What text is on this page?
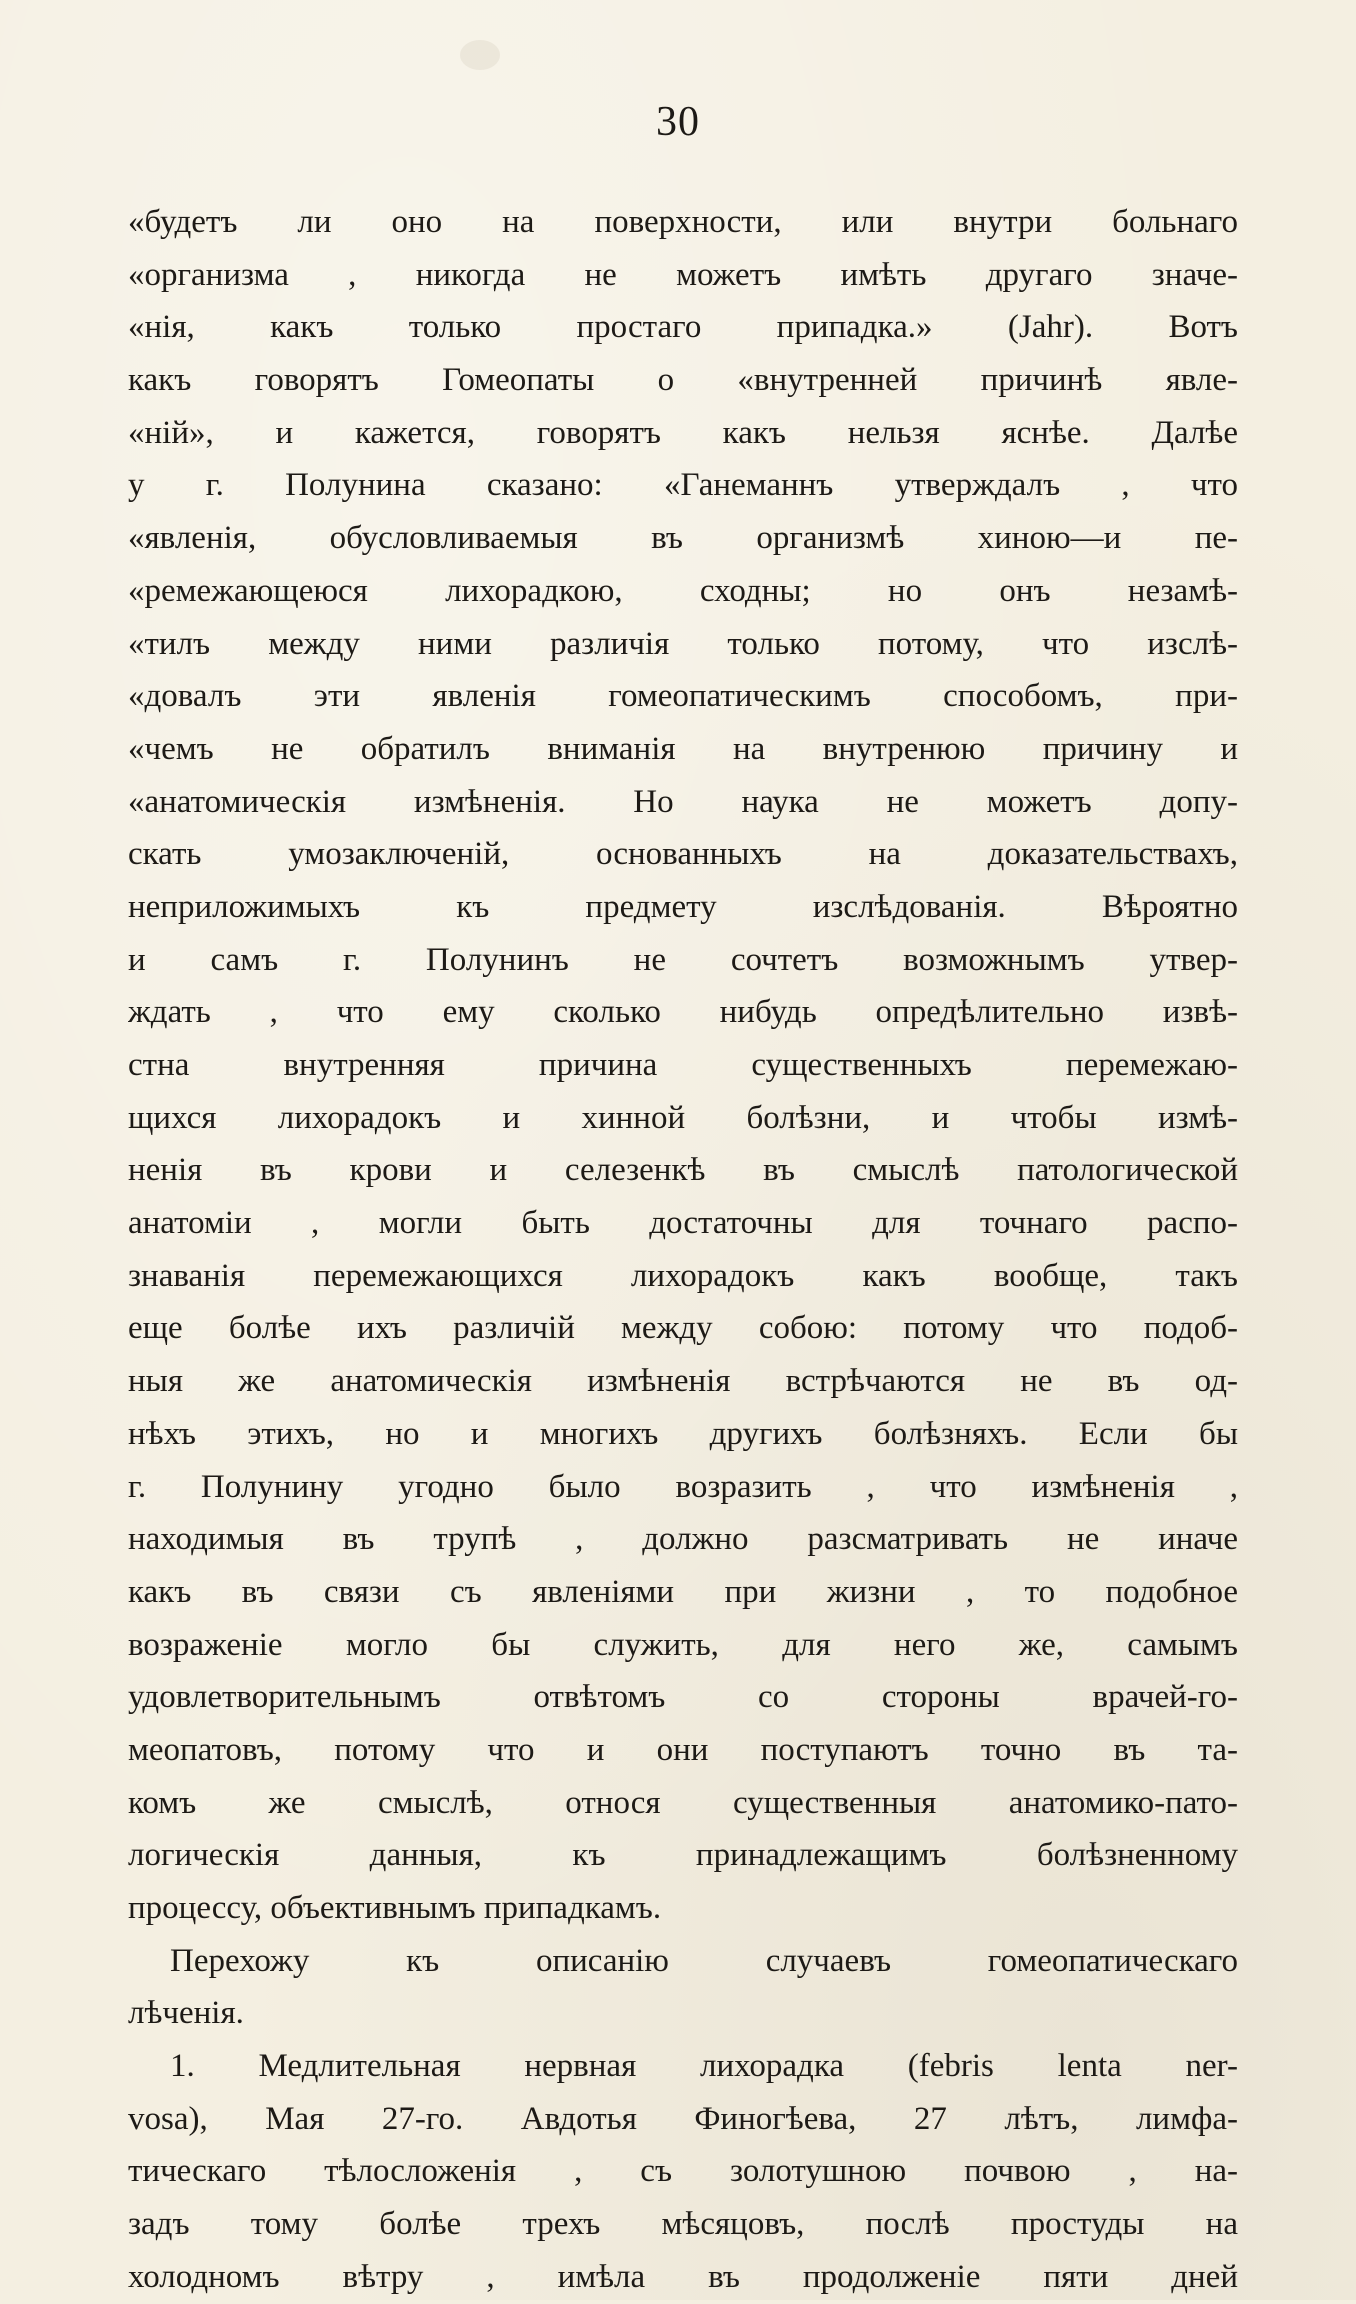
30
«будетъ ли оно на поверхности, или внутри больнаго
«организма , никогда не можетъ имѣть другаго значе-
«нія, какъ только простаго припадка.» (Jahr). Вотъ
какъ говорятъ Гомеопаты о «внутренней причинѣ явле-
«ній», и кажется, говорятъ какъ нельзя яснѣе. Далѣе
у г. Полунина сказано: «Ганеманнъ утверждалъ , что
«явленія, обусловливаемыя въ организмѣ хиною—и пе-
«ремежающеюся лихорадкою, сходны; но онъ незамѣ-
«тилъ между ними различія только потому, что изслѣ-
«довалъ эти явленія гомеопатическимъ способомъ, при-
«чемъ не обратилъ вниманія на внутренюю причину и
«анатомическія измѣненія. Но наука не можетъ допу-
скать умозаключеній, основанныхъ на доказательствахъ,
неприложимыхъ къ предмету изслѣдованія. Вѣроятно
и самъ г. Полунинъ не сочтетъ возможнымъ утвер-
ждать , что ему сколько нибудь опредѣлительно извѣ-
стна внутренняя причина существенныхъ перемежаю-
щихся лихорадокъ и хинной болѣзни, и чтобы измѣ-
ненія въ крови и селезенкѣ въ смыслѣ патологической
анатоміи , могли быть достаточны для точнаго распо-
знаванія перемежающихся лихорадокъ какъ вообще, такъ
еще болѣе ихъ различій между собою: потому что подоб-
ныя же анатомическія измѣненія встрѣчаются не въ од-
нѣхъ этихъ, но и многихъ другихъ болѣзняхъ. Если бы
г. Полунину угодно было возразить , что измѣненія ,
находимыя въ трупѣ , должно разсматривать не иначе
какъ въ связи съ явленіями при жизни , то подобное
возраженіе могло бы служить, для него же, самымъ
удовлетворительнымъ отвѣтомъ со стороны врачей-го-
меопатовъ, потому что и они поступаютъ точно въ та-
комъ же смыслѣ, относя существенныя анатомико-пато-
логическія данныя, къ принадлежащимъ болѣзненному
процессу, объективнымъ припадкамъ.
Перехожу къ описанію случаевъ гомеопатическаго
лѣченія.
1. Медлительная нервная лихорадка (febris lenta ner-
vosa), Мая 27-го. Авдотья Финогѣева, 27 лѣтъ, лимфа-
тическаго тѣлосложенія , съ золотушною почвою , на-
задъ тому болѣе трехъ мѣсяцовъ, послѣ простуды на
холодномъ вѣтру , имѣла въ продолженіе пяти дней
